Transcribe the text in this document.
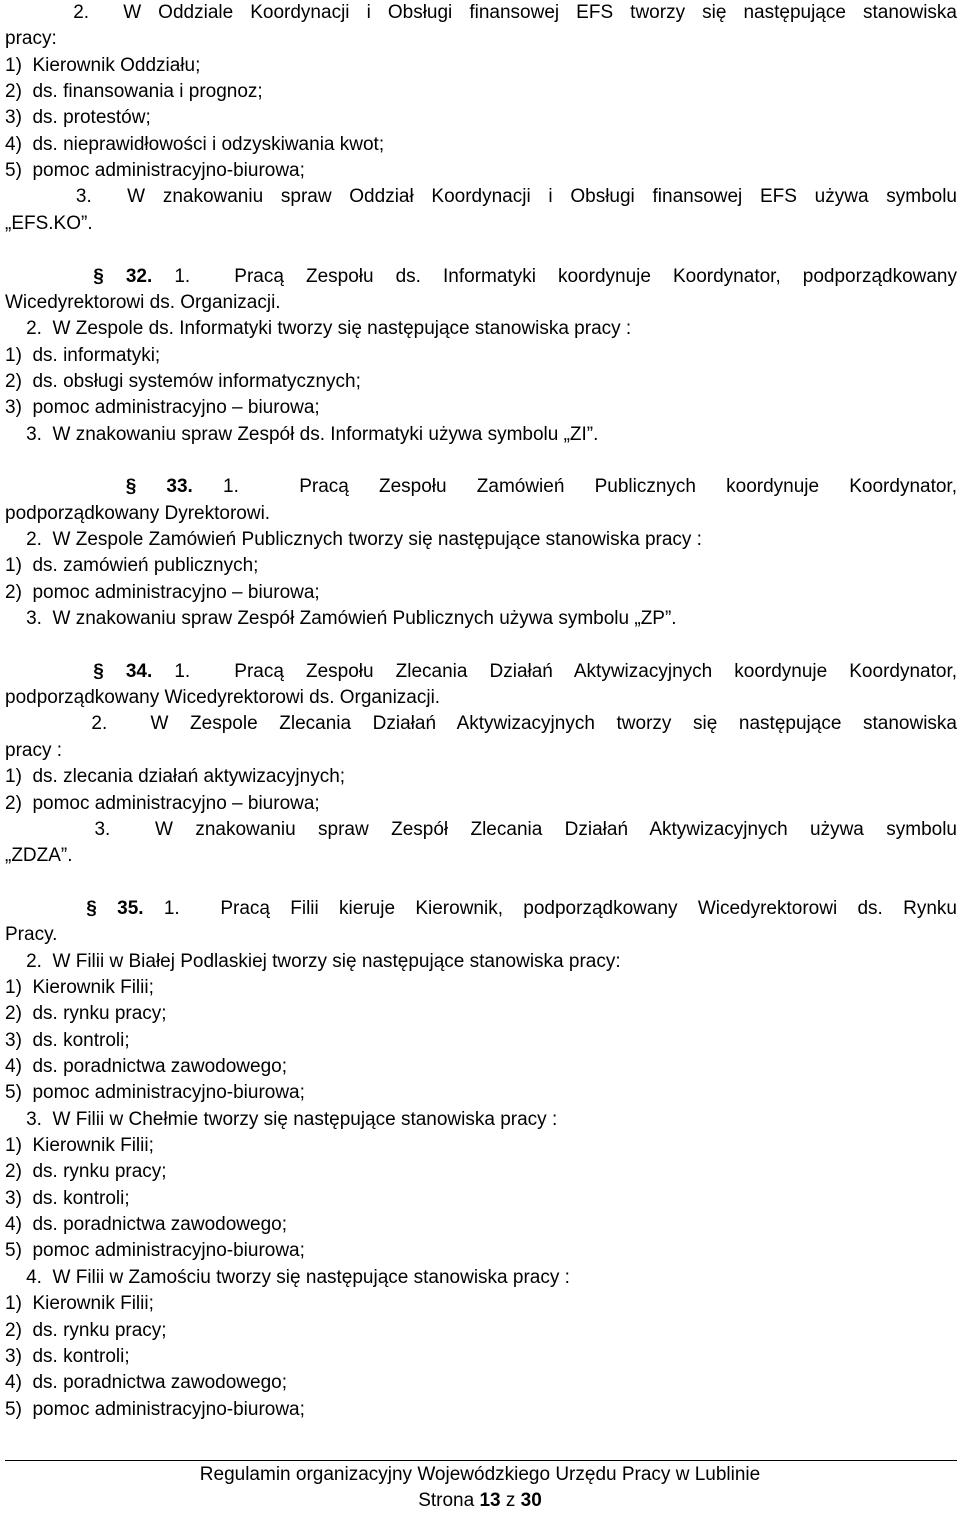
2.  W Oddziale Koordynacji i Obsługi finansowej EFS tworzy się następujące stanowiska
pracy:
1)  Kierownik Oddziału;
2)  ds. finansowania i prognoz;
3)  ds. protestów;
4)  ds. nieprawidłowości i odzyskiwania kwot;
5)  pomoc administracyjno-biurowa;
3.  W znakowaniu spraw Oddział Koordynacji i Obsługi finansowej EFS używa symbolu
„EFS.KO”.
§ 32. 1.  Pracą Zespołu ds. Informatyki koordynuje Koordynator, podporządkowany
Wicedyrektorowi ds. Organizacji.
2.  W Zespole ds. Informatyki tworzy się następujące stanowiska pracy :
1)  ds. informatyki;
2)  ds. obsługi systemów informatycznych;
3)  pomoc administracyjno – biurowa;
3.  W znakowaniu spraw Zespół ds. Informatyki używa symbolu „ZI”.
§ 33. 1.  Pracą Zespołu Zamówień Publicznych koordynuje Koordynator,
podporządkowany Dyrektorowi.
2.  W Zespole Zamówień Publicznych tworzy się następujące stanowiska pracy :
1)  ds. zamówień publicznych;
2)  pomoc administracyjno – biurowa;
3.  W znakowaniu spraw Zespół Zamówień Publicznych używa symbolu „ZP”.
§ 34. 1.  Pracą Zespołu Zlecania Działań Aktywizacyjnych koordynuje Koordynator,
podporządkowany Wicedyrektorowi ds. Organizacji.
2.  W Zespole Zlecania Działań Aktywizacyjnych tworzy się następujące stanowiska
pracy :
1)  ds. zlecania działań aktywizacyjnych;
2)  pomoc administracyjno – biurowa;
3.  W znakowaniu spraw Zespół Zlecania Działań Aktywizacyjnych używa symbolu
„ZDZA”.
§ 35. 1.  Pracą Filii kieruje Kierownik, podporządkowany Wicedyrektorowi ds. Rynku
Pracy.
2.  W Filii w Białej Podlaskiej tworzy się następujące stanowiska pracy:
1)  Kierownik Filii;
2)  ds. rynku pracy;
3)  ds. kontroli;
4)  ds. poradnictwa zawodowego;
5)  pomoc administracyjno-biurowa;
3.  W Filii w Chełmie tworzy się następujące stanowiska pracy :
1)  Kierownik Filii;
2)  ds. rynku pracy;
3)  ds. kontroli;
4)  ds. poradnictwa zawodowego;
5)  pomoc administracyjno-biurowa;
4.  W Filii w Zamościu tworzy się następujące stanowiska pracy :
1)  Kierownik Filii;
2)  ds. rynku pracy;
3)  ds. kontroli;
4)  ds. poradnictwa zawodowego;
5)  pomoc administracyjno-biurowa;
Regulamin organizacyjny Wojewódzkiego Urzędu Pracy w Lublinie
Strona 13 z 30
